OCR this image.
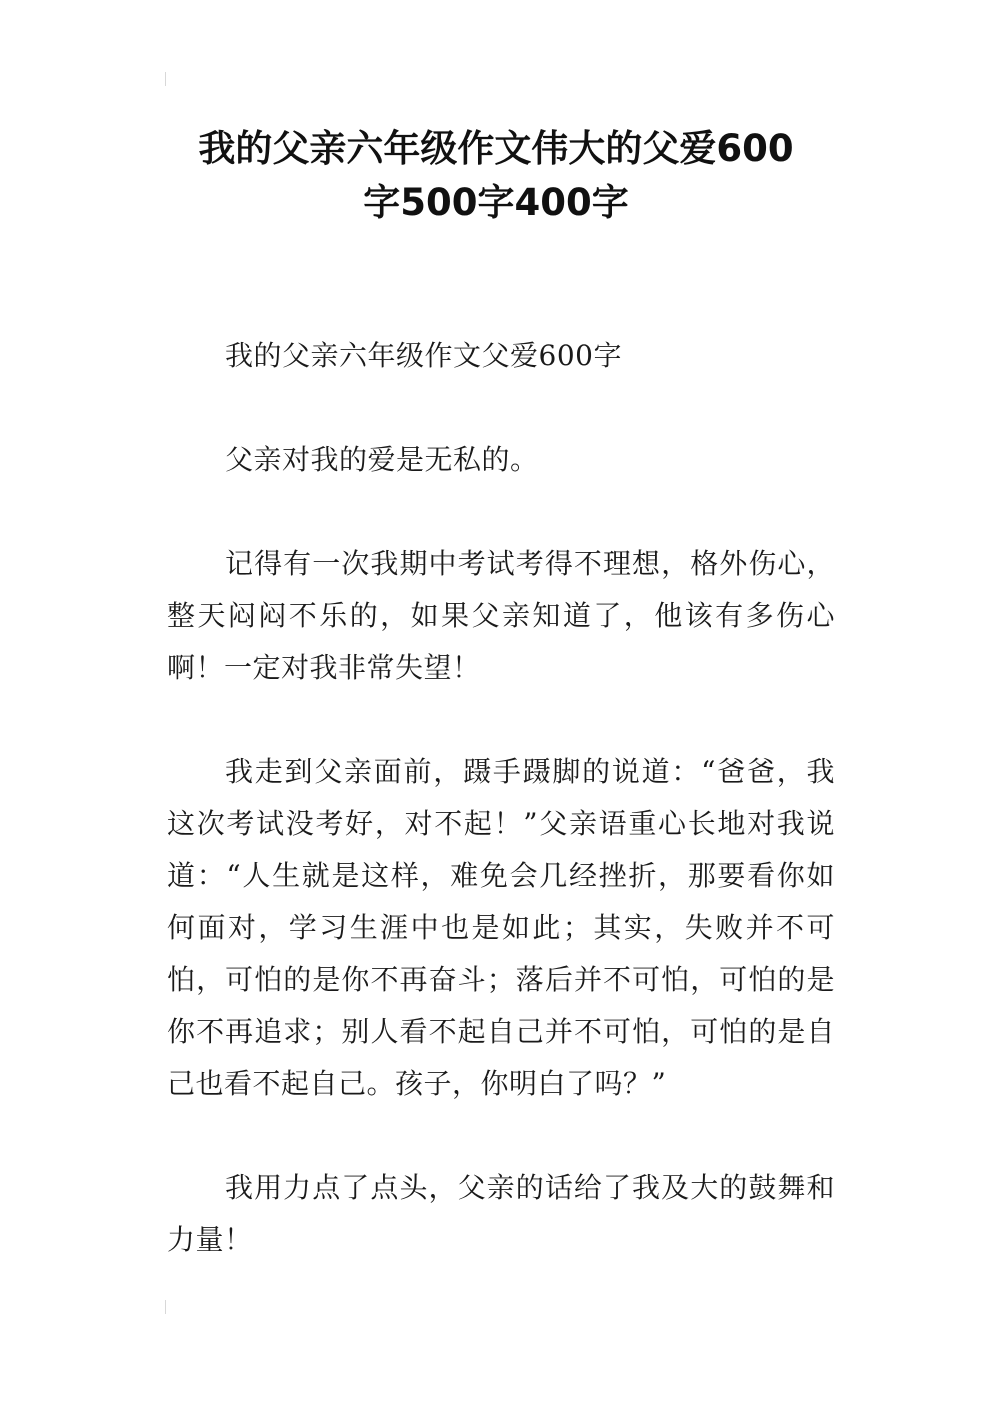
我的父亲六年级作文伟大的父爱600
字500字400字

我的父亲六年级作文父爱600字

父亲对我的爱是无私的。

记得有一次我期中考试考得不理想，格外伤心，整天闷闷不乐的，如果父亲知道了，他该有多伤心啊！一定对我非常失望！

我走到父亲面前，蹑手蹑脚的说道：“爸爸，我这次考试没考好，对不起！”父亲语重心长地对我说道：“人生就是这样，难免会几经挫折，那要看你如何面对，学习生涯中也是如此；其实，失败并不可怕，可怕的是你不再奋斗；落后并不可怕，可怕的是你不再追求；别人看不起自己并不可怕，可怕的是自己也看不起自己。孩子，你明白了吗？”

我用力点了点头，父亲的话给了我及大的鼓舞和力量！
